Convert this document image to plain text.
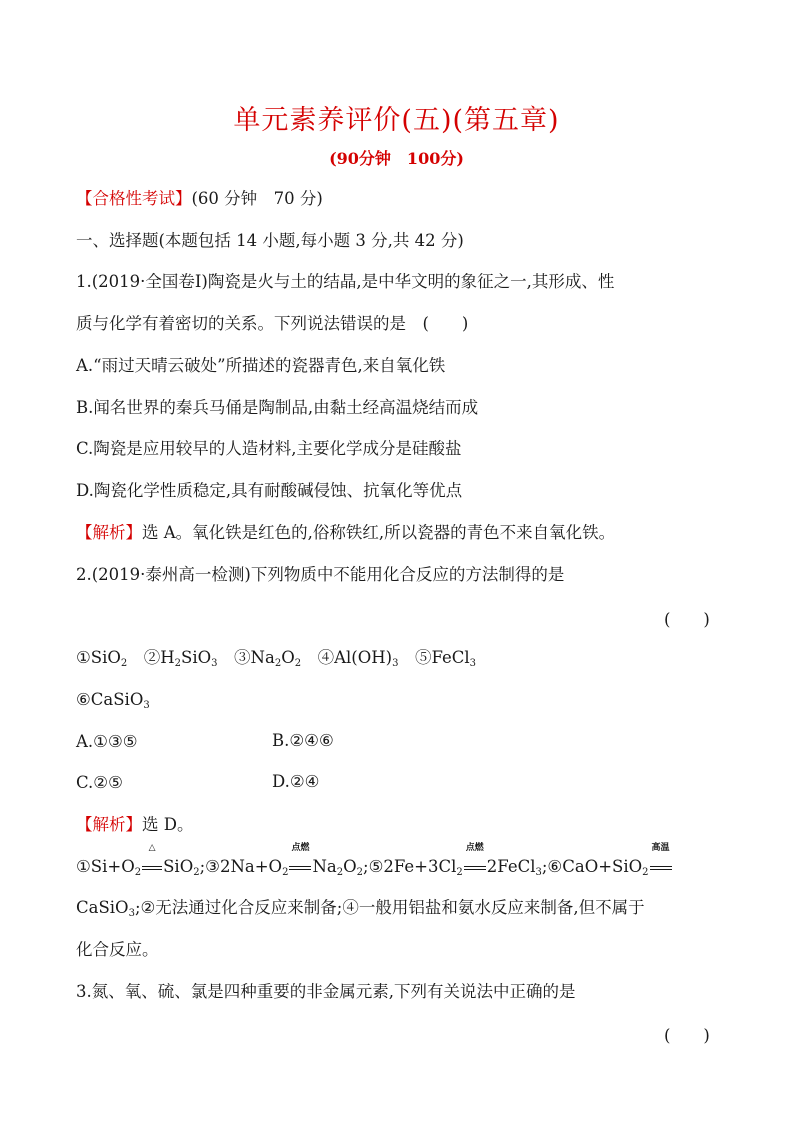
单元素养评价(五)(第五章)
(90分钟　100分)
【合格性考试】(60 分钟　70 分)
一、选择题(本题包括 14 小题,每小题 3 分,共 42 分)
1.(2019·全国卷Ⅰ)陶瓷是火与土的结晶,是中华文明的象征之一,其形成、性
质与化学有着密切的关系。下列说法错误的是　(　　)
A.“雨过天晴云破处”所描述的瓷器青色,来自氧化铁
B.闻名世界的秦兵马俑是陶制品,由黏土经高温烧结而成
C.陶瓷是应用较早的人造材料,主要化学成分是硅酸盐
D.陶瓷化学性质稳定,具有耐酸碱侵蚀、抗氧化等优点
【解析】选 A。氧化铁是红色的,俗称铁红,所以瓷器的青色不来自氧化铁。
2.(2019·泰州高一检测)下列物质中不能用化合反应的方法制得的是
(　　)
①SiO$_2$　$②H_2SiO_3$　$③Na_2O_2$　$④Al(OH)_3$　⑤FeCl$_3$
⑥CaSiO$_3$
A.①③⑤	B.②④⑥
C.②⑤	D.②④
【解析】选 D。
$①Si+O_2$
△
$SiO_2;③2Na+O_2$
点燃
$Na_2O_2;⑤2Fe+3Cl_2$
点燃
2FeCl$_3$;⑥CaO+SiO$_2$
高温
CaSiO$_3$;②无法通过化合反应来制备;④一般用铝盐和氨水反应来制备,但不属于
化合反应。
3.氮、氧、硫、氯是四种重要的非金属元素,下列有关说法中正确的是
(　　)
